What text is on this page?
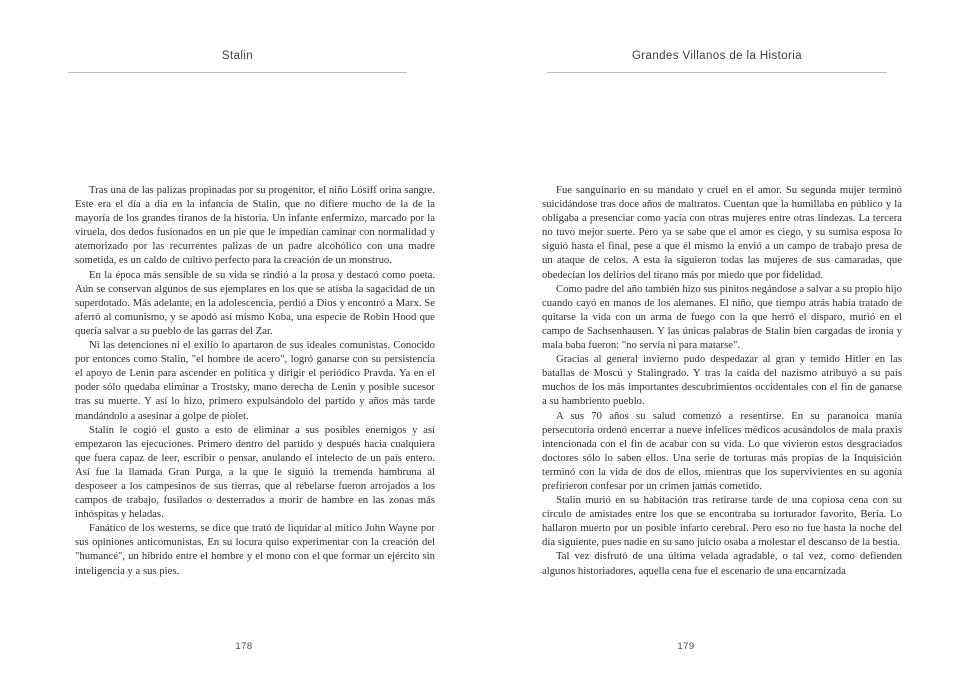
Stalin	Grandes Villanos de la Historia

Tras una de las palizas propinadas por su progenitor, el niño Lósiff orina sangre. Este era el día a día en la infancia de Stalin, que no difiere mucho de la de la mayoría de los grandes tiranos de la historia. Un infante enfermizo, marcado por la viruela, dos dedos fusionados en un pie que le impedían caminar con normalidad y atemorizado por las recurrentes palizas de un padre alcohólico con una madre sometida, es un caldo de cultivo perfecto para la creación de un monstruo.

En la época más sensible de su vida se rindió a la prosa y destacó como poeta. Aún se conservan algunos de sus ejemplares en los que se atisba la sagacidad de un superdotado. Más adelante, en la adolescencia, perdió a Dios y encontró a Marx. Se aferró al comunismo, y se apodó así mismo Koba, una especie de Robin Hood que quería salvar a su pueblo de las garras del Zar.

Ni las detenciones ni el exilio lo apartaron de sus ideales comunistas. Conocido por entonces como Stalin, "el hombre de acero", logró ganarse con su persistencia el apoyo de Lenin para ascender en política y dirigir el periódico Pravda. Ya en el poder sólo quedaba eliminar a Trostsky, mano derecha de Lenin y posible sucesor tras su muerte. Y así lo hizo, primero expulsándolo del partido y años más tarde mandándolo a asesinar a golpe de piolet.

Stalin le cogió el gusto a esto de eliminar a sus posibles enemigos y así empezaron las ejecuciones. Primero dentro del partido y después hacia cualquiera que fuera capaz de leer, escribir o pensar, anulando el intelecto de un país entero. Así fue la llamada Gran Purga, a la que le siguió la tremenda hambruna al desposeer a los campesinos de sus tierras, que al rebelarse fueron arrojados a los campos de trabajo, fusilados o desterrados a morir de hambre en las zonas más inhóspitas y heladas.

Fanático de los westerns, se dice que trató de liquidar al mítico John Wayne por sus opiniones anticomunistas. En su locura quiso experimentar con la creación del "humancé", un híbrido entre el hombre y el mono con el que formar un ejército sin inteligencia y a sus pies.

Fue sanguinario en su mandato y cruel en el amor. Su segunda mujer terminó suicidándose tras doce años de maltratos. Cuentan que la humillaba en público y la obligaba a presenciar como yacía con otras mujeres entre otras lindezas. La tercera no tuvo mejor suerte. Pero ya se sabe que el amor es ciego, y su sumisa esposa lo siguió hasta el final, pese a que él mismo la envió a un campo de trabajo presa de un ataque de celos. A esta la siguieron todas las mujeres de sus camaradas, que obedecían los delirios del tirano más por miedo que por fidelidad.

Como padre del año también hizo sus pinitos negándose a salvar a su propio hijo cuando cayó en manos de los alemanes. El niño, que tiempo atrás había tratado de quitarse la vida con un arma de fuego con la que herró el disparo, murió en el campo de Sachsenhausen. Y las únicas palabras de Stalin bien cargadas de ironía y mala baba fueron: "no servía ni para matarse".

Gracias al general invierno pudo despedazar al gran y temido Hitler en las batallas de Moscú y Stalingrado. Y tras la caída del nazismo atribuyó a su país muchos de los más importantes descubrimientos occidentales con el fin de ganarse a su hambriento pueblo.

A sus 70 años su salud comenzó a resentirse. En su paranoica manía persecutoria ordenó encerrar a nueve infelices médicos acusándolos de mala praxis intencionada con el fin de acabar con su vida. Lo que vivieron estos desgraciados doctores sólo lo saben ellos. Una serie de torturas más propias de la Inquisición terminó con la vida de dos de ellos, mientras que los supervivientes en su agonía prefirieron confesar por un crimen jamás cometido.

Stalin murió en su habitación tras retirarse tarde de una copiosa cena con su círculo de amistades entre los que se encontraba su torturador favorito, Beria. Lo hallaron muerto por un posible infarto cerebral. Pero eso no fue hasta la noche del día siguiente, pues nadie en su sano juicio osaba a molestar el descanso de la bestia.

Tal vez disfrutó de una última velada agradable, o tal vez, como defienden algunos historiadores, aquella cena fue el escenario de una encarnizada

178	179
